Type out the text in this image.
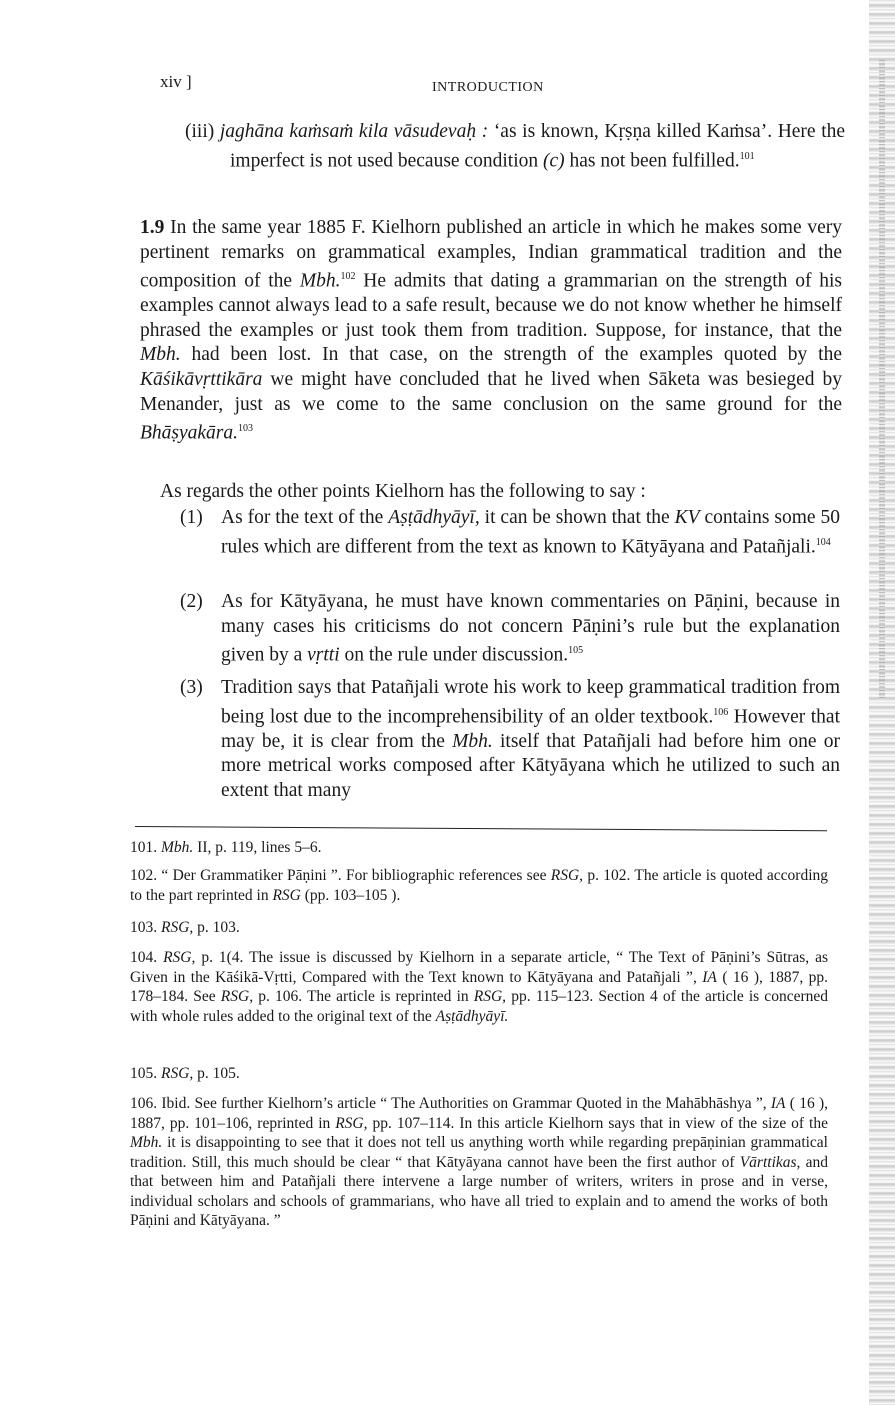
xiv ]	INTRODUCTION
(iii) jaghāna kaṁsaṁ kila vāsudevaḥ : ‘as is known, Kṛṣṇa killed Kaṁsa’. Here the imperfect is not used because condition (c) has not been fulfilled.$^{101}$

1.9 In the same year 1885 F. Kielhorn published an article in which he makes some very pertinent remarks on grammatical examples, Indian grammatical tradition and the composition of the Mbh.$^{102}$ He admits that dating a grammarian on the strength of his examples cannot always lead to a safe result, because we do not know whether he himself phrased the examples or just took them from tradition. Suppose, for instance, that the Mbh. had been lost. In that case, on the strength of the examples quoted by the Kāśikāvṛttikāra we might have concluded that he lived when Sāketa was besieged by Menander, just as we come to the same conclusion on the same ground for the Bhāṣyakāra.$^{103}$

As regards the other points Kielhorn has the following to say :
(1) As for the text of the Aṣṭādhyāyī, it can be shown that the KV contains some 50 rules which are different from the text as known to Kātyāyana and Patañjali.$^{104}$
(2) As for Kātyāyana, he must have known commentaries on Pāṇini, because in many cases his criticisms do not concern Pāṇini’s rule but the explanation given by a vṛtti on the rule under discussion.$^{105}$
(3) Tradition says that Patañjali wrote his work to keep grammatical tradition from being lost due to the incomprehensibility of an older textbook.$^{106}$ However that may be, it is clear from the Mbh. itself that Patañjali had before him one or more metrical works composed after Kātyāyana which he utilized to such an extent that many

101. Mbh. II, p. 119, lines 5–6.

102. “ Der Grammatiker Pāṇini ”. For bibliographic references see RSG, p. 102. The article is quoted according to the part reprinted in RSG (pp. 103–105 ).

103. RSG, p. 103.

104. RSG, p. 1(4. The issue is discussed by Kielhorn in a separate article, “ The Text of Pāṇini’s Sūtras, as Given in the Kāśikā-Vṛtti, Compared with the Text known to Kātyāyana and Patañjali ”, IA ( 16 ), 1887, pp. 178–184. See RSG, p. 106. The article is reprinted in RSG, pp. 115–123. Section 4 of the article is concerned with whole rules added to the original text of the Aṣṭādhyāyī.

105. RSG, p. 105.

106. Ibid. See further Kielhorn’s article “ The Authorities on Grammar Quoted in the Mahābhāshya ”, IA ( 16 ), 1887, pp. 101–106, reprinted in RSG, pp. 107–114. In this article Kielhorn says that in view of the size of the Mbh. it is disappointing to see that it does not tell us anything worth while regarding prepāṇinian grammatical tradition. Still, this much should be clear “ that Kātyāyana cannot have been the first author of Vārttikas, and that between him and Patañjali there intervene a large number of writers, writers in prose and in verse, individual scholars and schools of grammarians, who have all tried to explain and to amend the works of both Pāṇini and Kātyāyana. ”
